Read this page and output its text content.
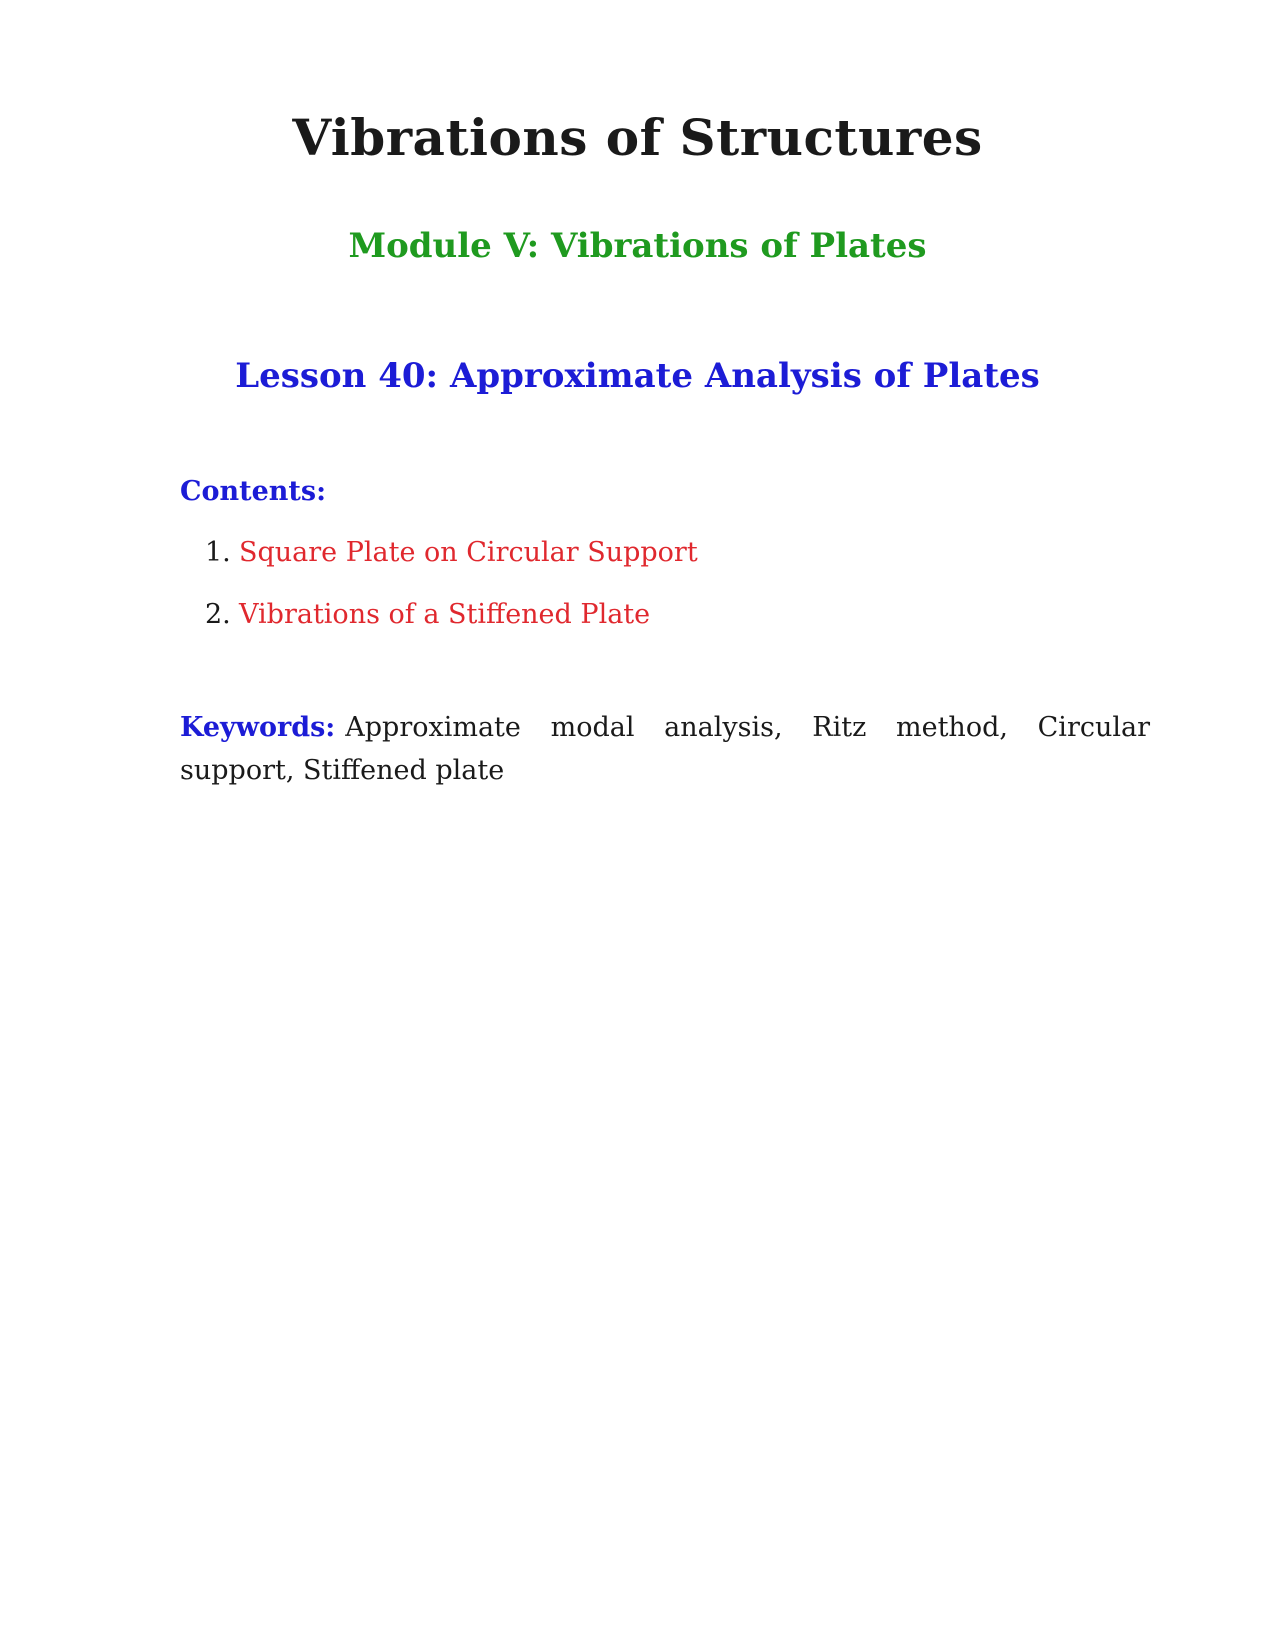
Vibrations of Structures
Module V: Vibrations of Plates
Lesson 40: Approximate Analysis of Plates
Contents:
1. Square Plate on Circular Support
2. Vibrations of a Stiffened Plate
Keywords: Approximate modal analysis, Ritz method, Circular support, Stiffened plate
